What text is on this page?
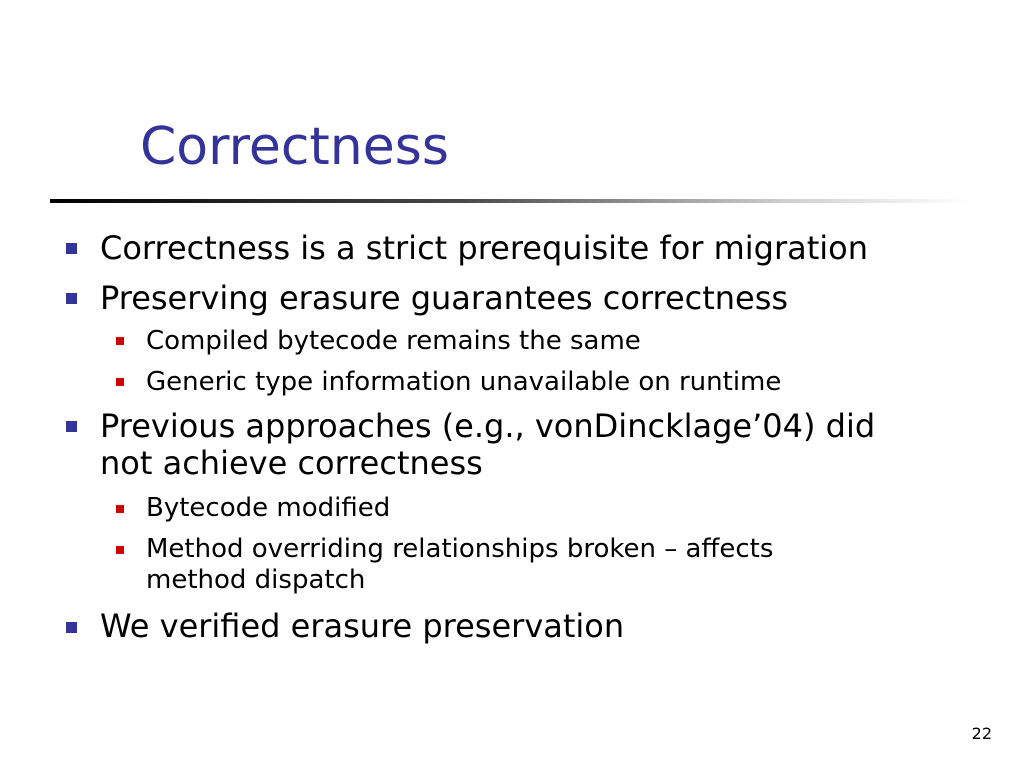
Correctness
Correctness is a strict prerequisite for migration
Preserving erasure guarantees correctness
Compiled bytecode remains the same
Generic type information unavailable on runtime
Previous approaches (e.g., vonDincklage’04) did
not achieve correctness
Bytecode modified
Method overriding relationships broken – affects
method dispatch
We verified erasure preservation
22
